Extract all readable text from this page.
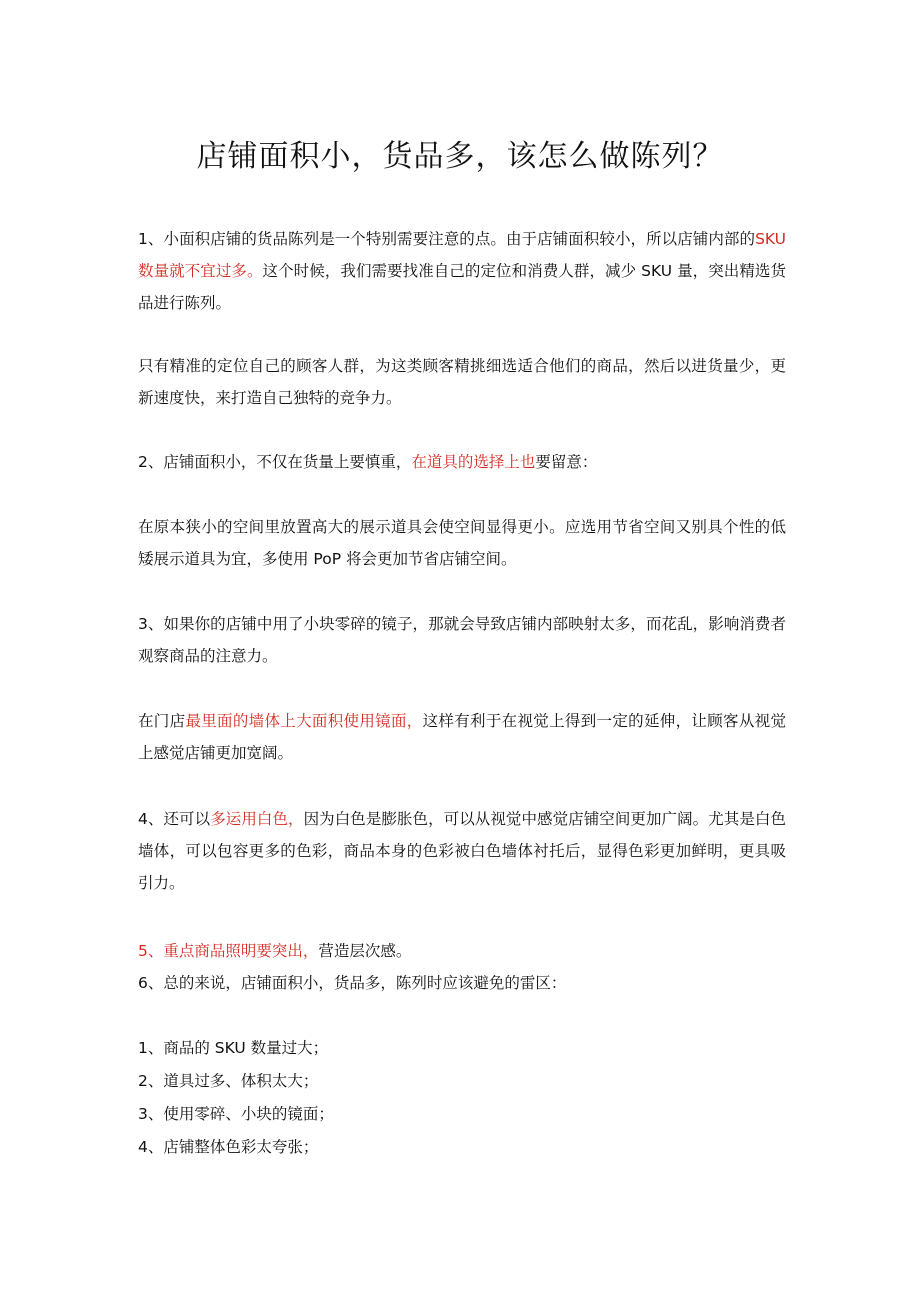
店铺面积小，货品多，该怎么做陈列？

1、小面积店铺的货品陈列是一个特别需要注意的点。由于店铺面积较小，所以店铺内部的SKU 数量就不宜过多。这个时候，我们需要找准自己的定位和消费人群，减少 SKU 量，突出精选货品进行陈列。

只有精准的定位自己的顾客人群，为这类顾客精挑细选适合他们的商品，然后以进货量少，更新速度快，来打造自己独特的竞争力。

2、店铺面积小，不仅在货量上要慎重，在道具的选择上也要留意：

在原本狭小的空间里放置高大的展示道具会使空间显得更小。应选用节省空间又别具个性的低矮展示道具为宜，多使用 PoP 将会更加节省店铺空间。

3、如果你的店铺中用了小块零碎的镜子，那就会导致店铺内部映射太多，而花乱，影响消费者观察商品的注意力。

在门店最里面的墙体上大面积使用镜面，这样有利于在视觉上得到一定的延伸，让顾客从视觉上感觉店铺更加宽阔。

4、还可以多运用白色，因为白色是膨胀色，可以从视觉中感觉店铺空间更加广阔。尤其是白色墙体，可以包容更多的色彩，商品本身的色彩被白色墙体衬托后，显得色彩更加鲜明，更具吸引力。

5、重点商品照明要突出，营造层次感。

6、总的来说，店铺面积小，货品多，陈列时应该避免的雷区：

1、商品的 SKU 数量过大；

2、道具过多、体积太大；

3、使用零碎、小块的镜面；

4、店铺整体色彩太夸张；
